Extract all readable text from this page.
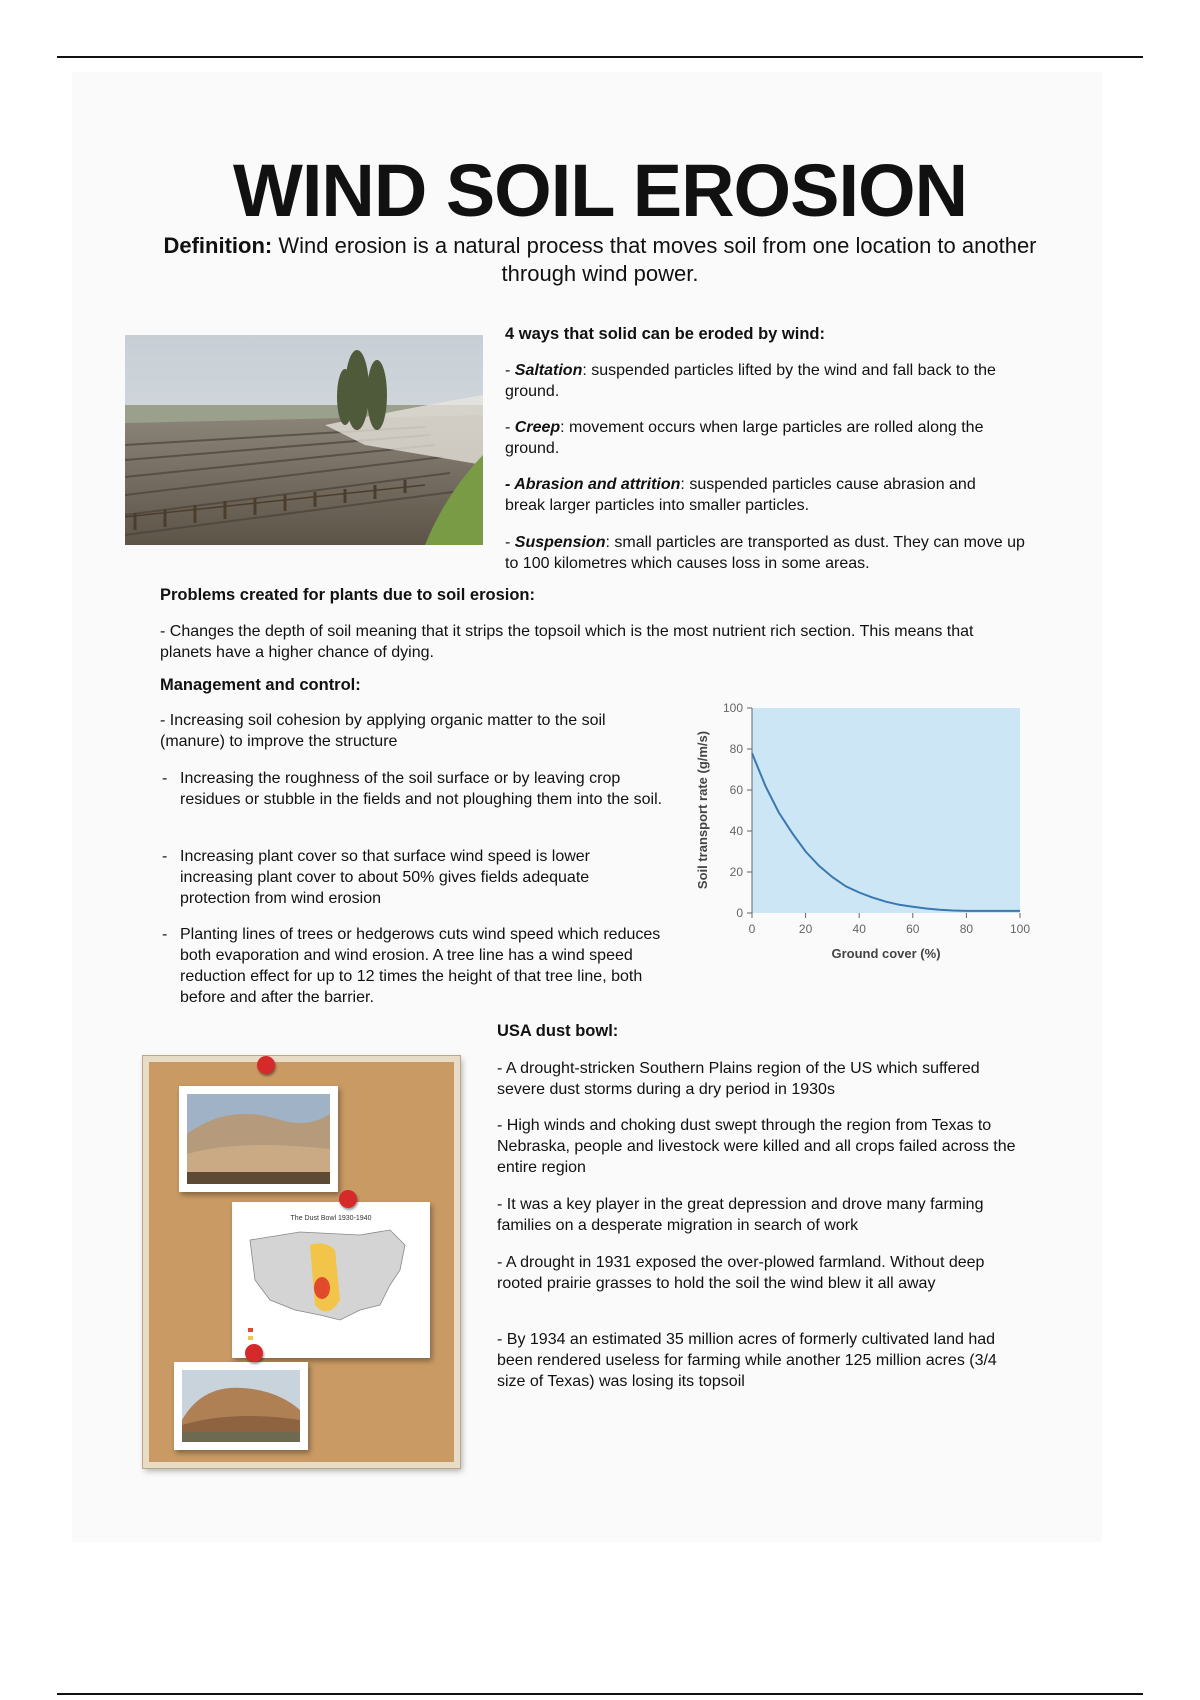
WIND SOIL EROSION
Definition: Wind erosion is a natural process that moves soil from one location to another through wind power.
4 ways that solid can be eroded by wind:
- Saltation: suspended particles lifted by the wind and fall back to the ground.
- Creep: movement occurs when large particles are rolled along the ground.
- Abrasion and attrition: suspended particles cause abrasion and break larger particles into smaller particles.
- Suspension: small particles are transported as dust. They can move up to 100 kilometres which causes loss in some areas.
Problems created for plants due to soil erosion:
- Changes the depth of soil meaning that it strips the topsoil which is the most nutrient rich section. This means that planets have a higher chance of dying.
Management and control:
- Increasing soil cohesion by applying organic matter to the soil (manure) to improve the structure
- Increasing the roughness of the soil surface or by leaving crop residues or stubble in the fields and not ploughing them into the soil.
- Increasing plant cover so that surface wind speed is lower increasing plant cover to about 50% gives fields adequate protection from wind erosion
- Planting lines of trees or hedgerows cuts wind speed which reduces both evaporation and wind erosion. A tree line has a wind speed reduction effect for up to 12 times the height of that tree line, both before and after the barrier.
0
20
40
60
80
100
0	20	40	60	80	100
Ground cover (%)
Soil transport rate (g/m/s)
The Dust Bowl 1930-1940
USA dust bowl:
- A drought-stricken Southern Plains region of the US which suffered severe dust storms during a dry period in 1930s
- High winds and choking dust swept through the region from Texas to Nebraska, people and livestock were killed and all crops failed across the entire region
- It was a key player in the great depression and drove many farming families on a desperate migration in search of work
- A drought in 1931 exposed the over-plowed farmland. Without deep rooted prairie grasses to hold the soil the wind blew it all away
- By 1934 an estimated 35 million acres of formerly cultivated land had been rendered useless for farming while another 125 million acres (3/4 size of Texas) was losing its topsoil
